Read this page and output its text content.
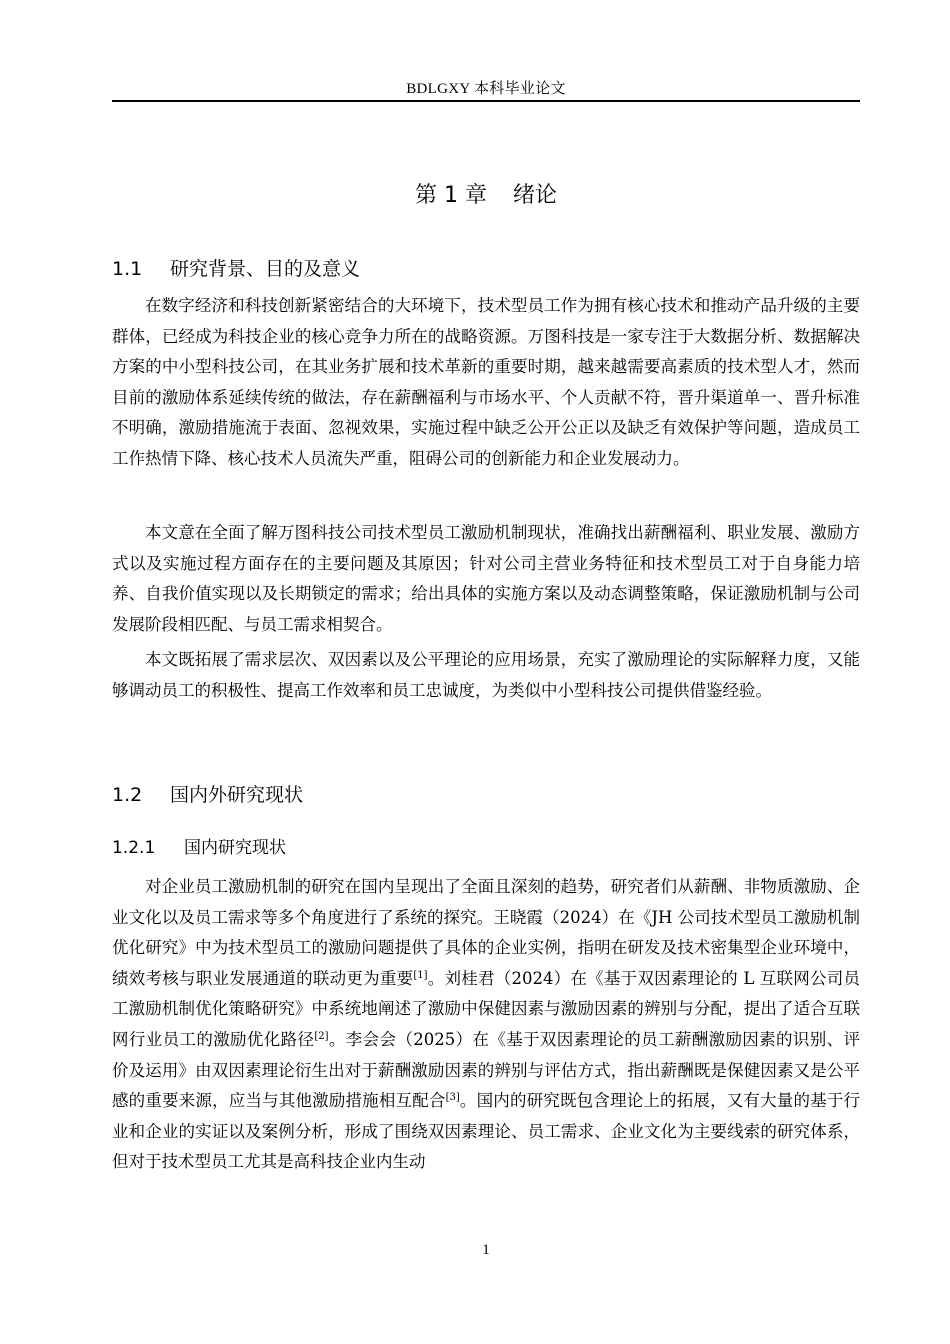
BDLGXY 本科毕业论文
第 1 章 绪论
1.1 研究背景、目的及意义

在数字经济和科技创新紧密结合的大环境下，技术型员工作为拥有核心技术和推动产品升级的主要群体，已经成为科技企业的核心竞争力所在的战略资源。万图科技是一家专注于大数据分析、数据解决方案的中小型科技公司，在其业务扩展和技术革新的重要时期，越来越需要高素质的技术型人才，然而目前的激励体系延续传统的做法，存在薪酬福利与市场水平、个人贡献不符，晋升渠道单一、晋升标准不明确，激励措施流于表面、忽视效果，实施过程中缺乏公开公正以及缺乏有效保护等问题，造成员工工作热情下降、核心技术人员流失严重，阻碍公司的创新能力和企业发展动力。

本文意在全面了解万图科技公司技术型员工激励机制现状，准确找出薪酬福利、职业发展、激励方式以及实施过程方面存在的主要问题及其原因；针对公司主营业务特征和技术型员工对于自身能力培养、自我价值实现以及长期锁定的需求；给出具体的实施方案以及动态调整策略，保证激励机制与公司发展阶段相匹配、与员工需求相契合。

本文既拓展了需求层次、双因素以及公平理论的应用场景，充实了激励理论的实际解释力度，又能够调动员工的积极性、提高工作效率和员工忠诚度，为类似中小型科技公司提供借鉴经验。

1.2 国内外研究现状
1.2.1 国内研究现状

对企业员工激励机制的研究在国内呈现出了全面且深刻的趋势，研究者们从薪酬、非物质激励、企业文化以及员工需求等多个角度进行了系统的探究。王晓霞（2024）在《JH 公司技术型员工激励机制优化研究》中为技术型员工的激励问题提供了具体的企业实例，指明在研发及技术密集型企业环境中，绩效考核与职业发展通道的联动更为重要[1]。刘桂君（2024）在《基于双因素理论的 L 互联网公司员工激励机制优化策略研究》中系统地阐述了激励中保健因素与激励因素的辨别与分配，提出了适合互联网行业员工的激励优化路径[2]。李会会（2025）在《基于双因素理论的员工薪酬激励因素的识别、评价及运用》由双因素理论衍生出对于薪酬激励因素的辨别与评估方式，指出薪酬既是保健因素又是公平感的重要来源，应当与其他激励措施相互配合[3]。国内的研究既包含理论上的拓展，又有大量的基于行业和企业的实证以及案例分析，形成了围绕双因素理论、员工需求、企业文化为主要线索的研究体系，但对于技术型员工尤其是高科技企业内生动

1
